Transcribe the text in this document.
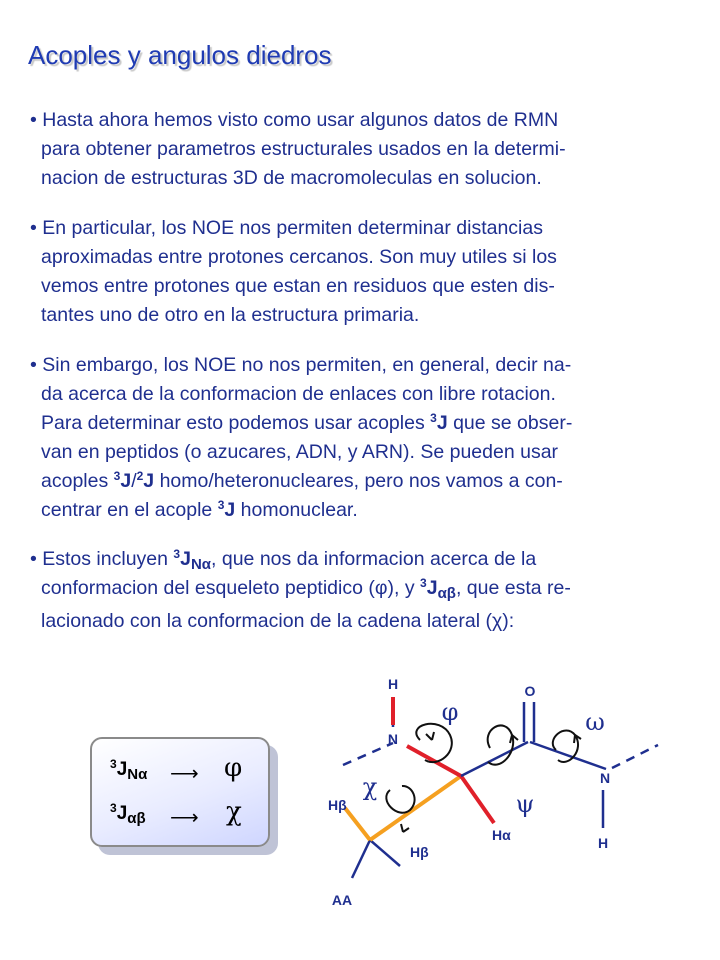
Acoples y angulos diedros
• Hasta ahora hemos visto como usar algunos datos de RMN
para obtener parametros estructurales usados en la determi-
nacion de estructuras 3D de macromoleculas en solucion.
• En particular, los NOE nos permiten determinar distancias
aproximadas entre protones cercanos. Son muy utiles si los
vemos entre protones que estan en residuos que esten dis-
tantes uno de otro en la estructura primaria.
• Sin embargo, los NOE no nos permiten, en general, decir na-
da acerca de la conformacion de enlaces con libre rotacion.
Para determinar esto podemos usar acoples $^3$J que se obser-
van en peptidos (o azucares, ADN, y ARN). Se pueden usar
acoples $^3$J/$^2$J homo/heteronucleares, pero nos vamos a con-
centrar en el acople $^3$J homonuclear.
• Estos incluyen $^3J_{N\alpha}$, que nos da informacion acerca de la
conformacion del esqueleto peptidico (φ), y $^3J_{\alpha\beta}$, que esta re-
lacionado con la conformacion de la cadena lateral (χ):
$^3J_{N\alpha}$ ⟶ φ
$^3J_{\alpha\beta}$ ⟶ χ
H
N
O
N
H
Hβ
Hβ
Hα
AA
φ
ψ
χ
ω
